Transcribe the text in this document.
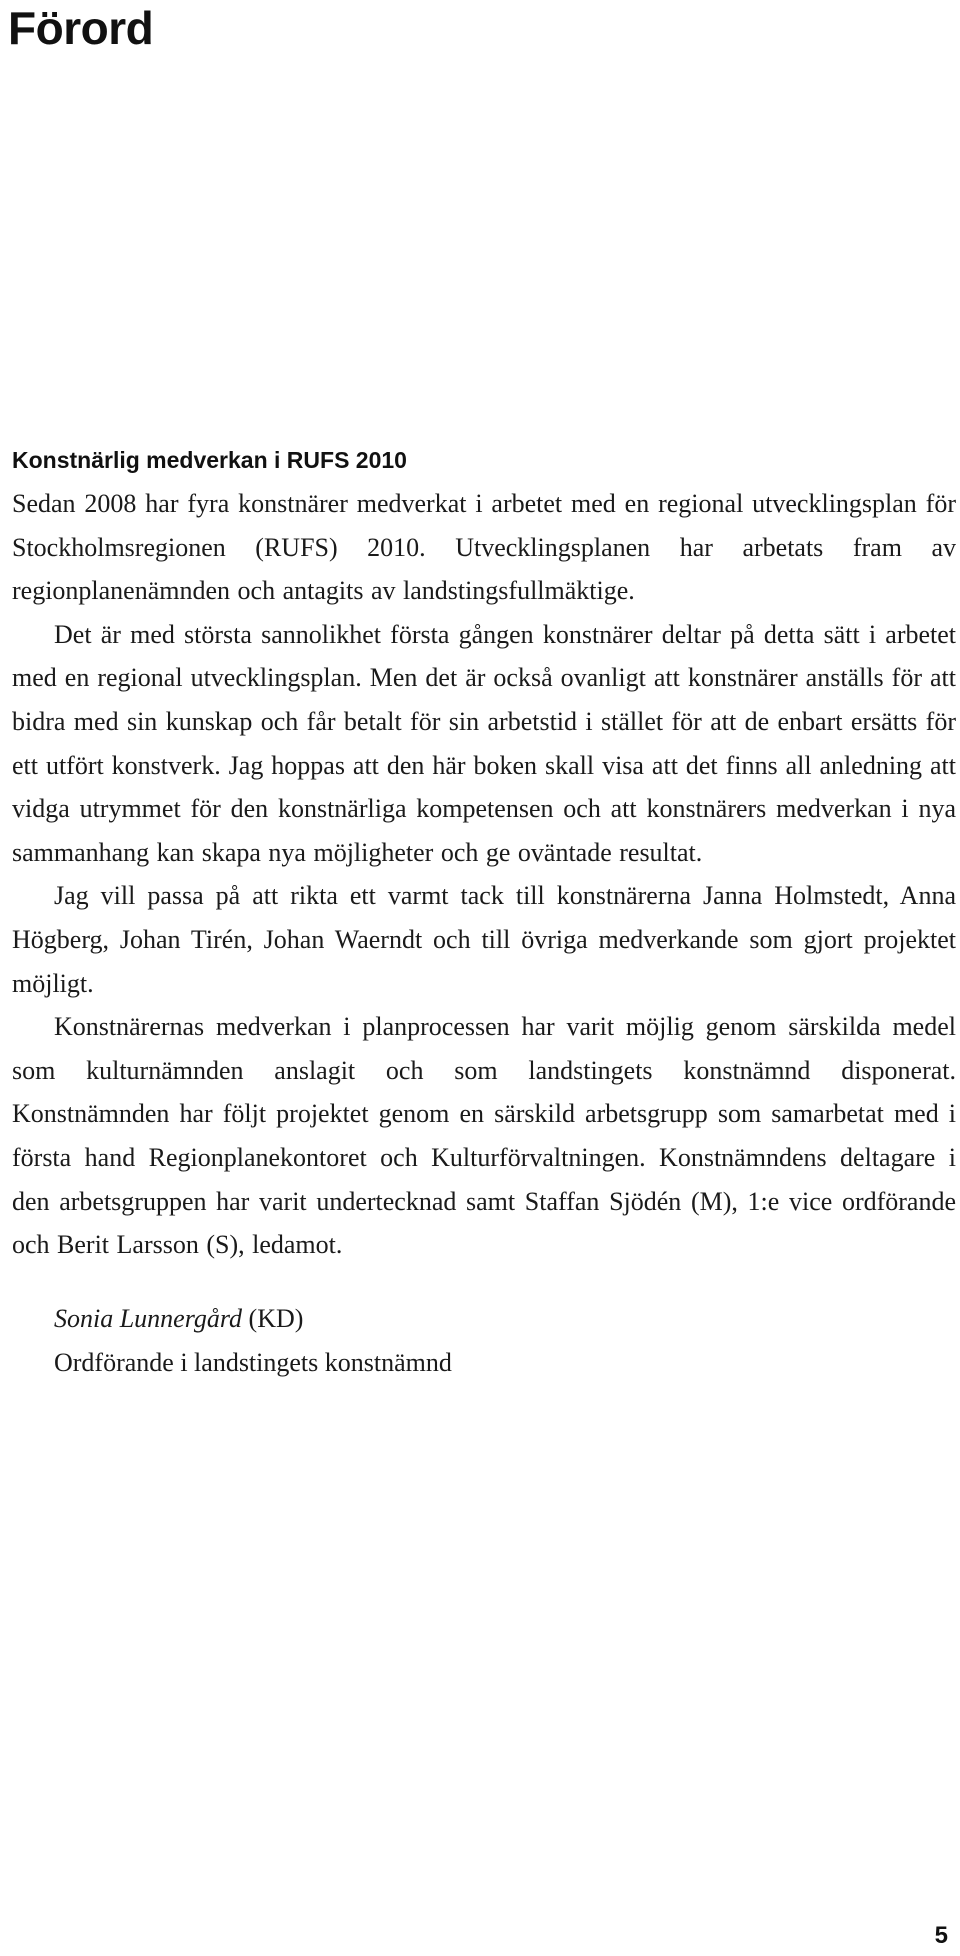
Förord
Konstnärlig medverkan i RUFS 2010

Sedan 2008 har fyra konstnärer medverkat i arbetet med en regional utvecklingsplan för Stockholmsregionen (RUFS) 2010. Utvecklingsplanen har arbetats fram av regionplanenämnden och antagits av landstingsfullmäktige.

Det är med största sannolikhet första gången konstnärer deltar på detta sätt i arbetet med en regional utvecklingsplan. Men det är också ovanligt att konstnärer anställs för att bidra med sin kunskap och får betalt för sin arbetstid i stället för att de enbart ersätts för ett utfört konstverk. Jag hoppas att den här boken skall visa att det finns all anledning att vidga utrymmet för den konstnärliga kompetensen och att konstnärers medverkan i nya sammanhang kan skapa nya möjligheter och ge oväntade resultat.

Jag vill passa på att rikta ett varmt tack till konstnärerna Janna Holmstedt, Anna Högberg, Johan Tirén, Johan Waerndt och till övriga medverkande som gjort projektet möjligt.

Konstnärernas medverkan i planprocessen har varit möjlig genom särskilda medel som kulturnämnden anslagit och som landstingets konstnämnd disponerat. Konstnämnden har följt projektet genom en särskild arbetsgrupp som samarbetat med i första hand Regionplanekontoret och Kulturförvaltningen. Konstnämndens deltagare i den arbetsgruppen har varit undertecknad samt Staffan Sjödén (M), 1:e vice ordförande och Berit Larsson (S), ledamot.

Sonia Lunnergård (KD)
Ordförande i landstingets konstnämnd
5
